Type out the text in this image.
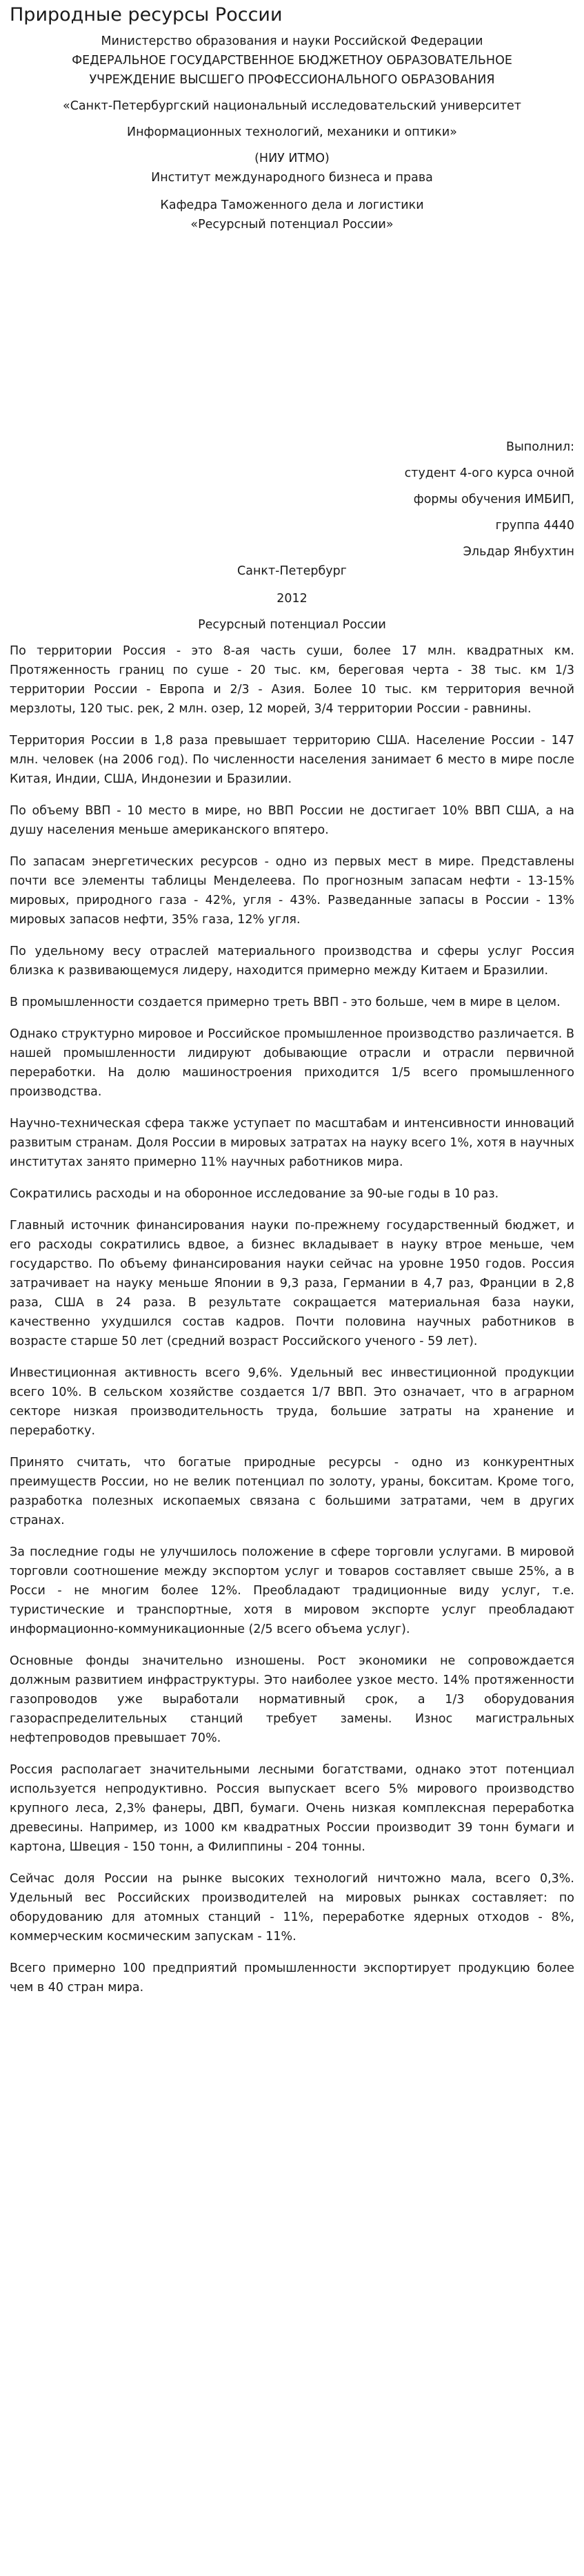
Природные ресурсы России

Министерство образования и науки Российской Федерации

ФЕДЕРАЛЬНОЕ ГОСУДАРСТВЕННОЕ БЮДЖЕТНОУ ОБРАЗОВАТЕЛЬНОЕ

УЧРЕЖДЕНИЕ ВЫСШЕГО ПРОФЕССИОНАЛЬНОГО ОБРАЗОВАНИЯ

«Санкт-Петербургский национальный исследовательский университет

Информационных технологий, механики и оптики»

(НИУ ИТМО)

Институт международного бизнеса и права

Кафедра Таможенного дела и логистики

«Ресурсный потенциал России»

Выполнил:

студент 4-ого курса очной

формы обучения ИМБИП,

группа 4440

Эльдар Янбухтин

Санкт-Петербург

2012

Ресурсный потенциал России

По территории Россия - это 8-ая часть суши, более 17 млн. квадратных км. Протяженность границ по суше - 20 тыс. км, береговая черта - 38 тыс. км 1/3 территории России - Европа и 2/3 - Азия. Более 10 тыс. км территория вечной мерзлоты, 120 тыс. рек, 2 млн. озер, 12 морей, 3/4 территории России - равнины.

Территория России в 1,8 раза превышает территорию США. Население России - 147 млн. человек (на 2006 год). По численности населения занимает 6 место в мире после Китая, Индии, США, Индонезии и Бразилии.

По объему ВВП - 10 место в мире, но ВВП России не достигает 10% ВВП США, а на душу населения меньше американского впятеро.

По запасам энергетических ресурсов - одно из первых мест в мире. Представлены почти все элементы таблицы Менделеева. По прогнозным запасам нефти - 13-15% мировых, природного газа - 42%, угля - 43%. Разведанные запасы в России - 13% мировых запасов нефти, 35% газа, 12% угля.

По удельному весу отраслей материального производства и сферы услуг Россия близка к развивающемуся лидеру, находится примерно между Китаем и Бразилии.

В промышленности создается примерно треть ВВП - это больше, чем в мире в целом.

Однако структурно мировое и Российское промышленное производство различается. В нашей промышленности лидируют добывающие отрасли и отрасли первичной переработки. На долю машиностроения приходится 1/5 всего промышленного производства.

Научно-техническая сфера также уступает по масштабам и интенсивности инноваций развитым странам. Доля России в мировых затратах на науку всего 1%, хотя в научных институтах занято примерно 11% научных работников мира.

Сократились расходы и на оборонное исследование за 90-ые годы в 10 раз.

Главный источник финансирования науки по-прежнему государственный бюджет, и его расходы сократились вдвое, а бизнес вкладывает в науку втрое меньше, чем государство. По объему финансирования науки сейчас на уровне 1950 годов. Россия затрачивает на науку меньше Японии в 9,3 раза, Германии в 4,7 раз, Франции в 2,8 раза, США в 24 раза. В результате сокращается материальная база науки, качественно ухудшился состав кадров. Почти половина научных работников в возрасте старше 50 лет (средний возраст Российского ученого - 59 лет).

Инвестиционная активность всего 9,6%. Удельный вес инвестиционной продукции всего 10%. В сельском хозяйстве создается 1/7 ВВП. Это означает, что в аграрном секторе низкая производительность труда, большие затраты на хранение и переработку.

Принято считать, что богатые природные ресурсы - одно из конкурентных преимуществ России, но не велик потенциал по золоту, ураны, бокситам. Кроме того, разработка полезных ископаемых связана с большими затратами, чем в других странах.

За последние годы не улучшилось положение в сфере торговли услугами. В мировой торговли соотношение между экспортом услуг и товаров составляет свыше 25%, а в Росси - не многим более 12%. Преобладают традиционные виду услуг, т.е. туристические и транспортные, хотя в мировом экспорте услуг преобладают информационно-коммуникационные (2/5 всего объема услуг).

Основные фонды значительно изношены. Рост экономики не сопровождается должным развитием инфраструктуры. Это наиболее узкое место. 14% протяженности газопроводов уже выработали нормативный срок, а 1/3 оборудования газораспределительных станций требует замены. Износ магистральных нефтепроводов превышает 70%.

Россия располагает значительными лесными богатствами, однако этот потенциал используется непродуктивно. Россия выпускает всего 5% мирового производство крупного леса, 2,3% фанеры, ДВП, бумаги. Очень низкая комплексная переработка древесины. Например, из 1000 км квадратных России производит 39 тонн бумаги и картона, Швеция - 150 тонн, а Филиппины - 204 тонны.

Сейчас доля России на рынке высоких технологий ничтожно мала, всего 0,3%. Удельный вес Российских производителей на мировых рынках составляет: по оборудованию для атомных станций - 11%, переработке ядерных отходов - 8%, коммерческим космическим запускам - 11%.

Всего примерно 100 предприятий промышленности экспортирует продукцию более чем в 40 стран мира.
